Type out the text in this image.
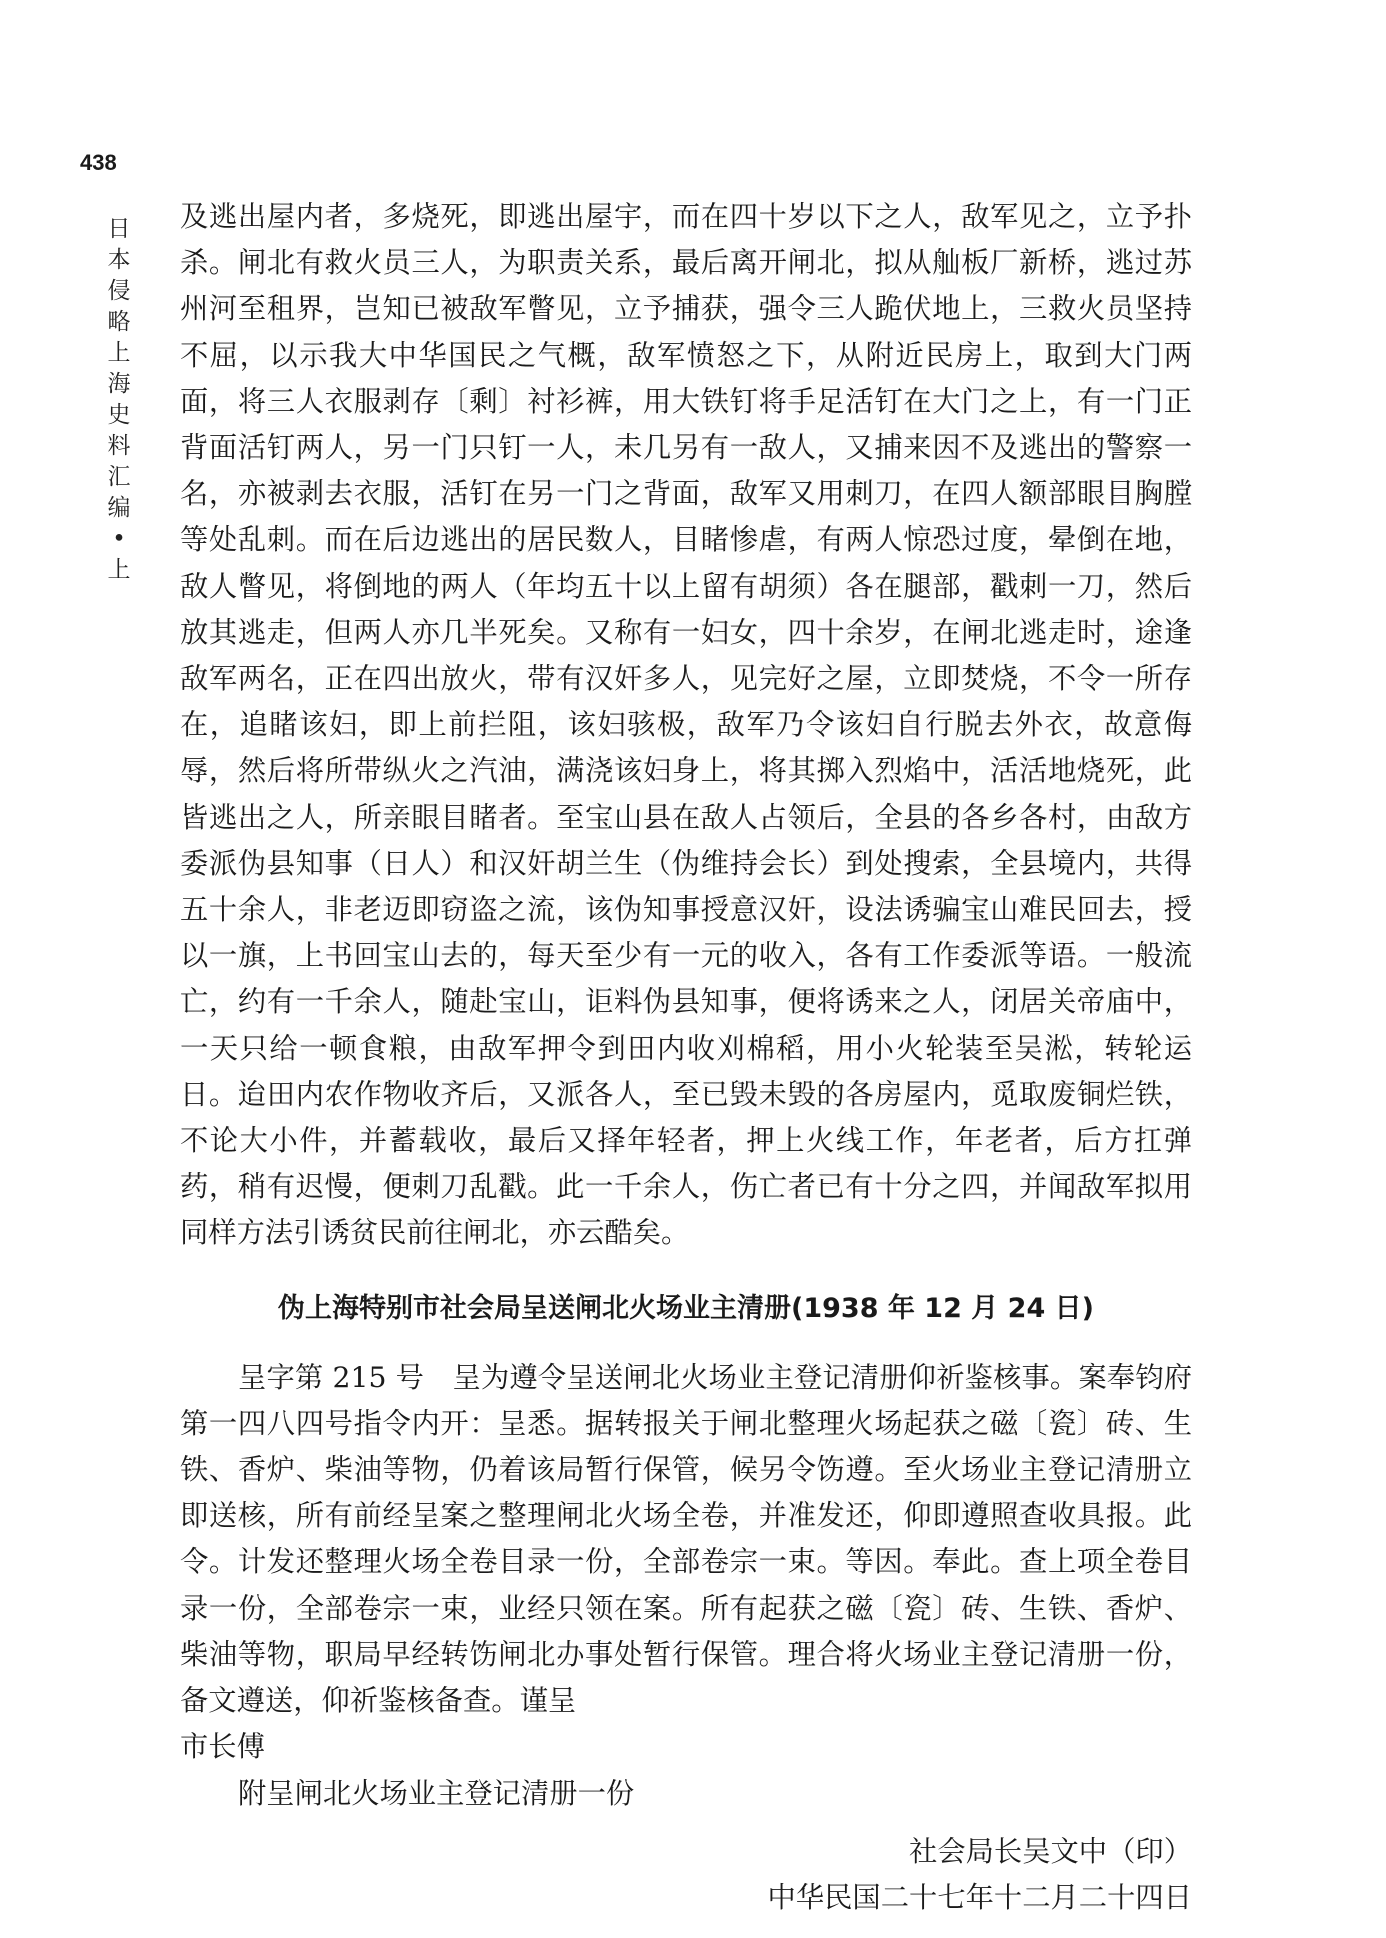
438
日本侵略上海史料汇编•上

及逃出屋内者，多烧死，即逃出屋宇，而在四十岁以下之人，敌军见之，立予扑杀。闸北有救火员三人，为职责关系，最后离开闸北，拟从舢板厂新桥，逃过苏州河至租界，岂知已被敌军瞥见，立予捕获，强令三人跪伏地上，三救火员坚持不屈，以示我大中华国民之气概，敌军愤怒之下，从附近民房上，取到大门两面，将三人衣服剥存〔剩〕衬衫裤，用大铁钉将手足活钉在大门之上，有一门正背面活钉两人，另一门只钉一人，未几另有一敌人，又捕来因不及逃出的警察一名，亦被剥去衣服，活钉在另一门之背面，敌军又用刺刀，在四人额部眼目胸膛等处乱刺。而在后边逃出的居民数人，目睹惨虐，有两人惊恐过度，晕倒在地，敌人瞥见，将倒地的两人（年均五十以上留有胡须）各在腿部，戳刺一刀，然后放其逃走，但两人亦几半死矣。又称有一妇女，四十余岁，在闸北逃走时，途逢敌军两名，正在四出放火，带有汉奸多人，见完好之屋，立即焚烧，不令一所存在，追睹该妇，即上前拦阻，该妇骇极，敌军乃令该妇自行脱去外衣，故意侮辱，然后将所带纵火之汽油，满浇该妇身上，将其掷入烈焰中，活活地烧死，此皆逃出之人，所亲眼目睹者。至宝山县在敌人占领后，全县的各乡各村，由敌方委派伪县知事（日人）和汉奸胡兰生（伪维持会长）到处搜索，全县境内，共得五十余人，非老迈即窃盗之流，该伪知事授意汉奸，设法诱骗宝山难民回去，授以一旗，上书回宝山去的，每天至少有一元的收入，各有工作委派等语。一般流亡，约有一千余人，随赴宝山，讵料伪县知事，便将诱来之人，闭居关帝庙中，一天只给一顿食粮，由敌军押令到田内收刈棉稻，用小火轮装至吴淞，转轮运日。迨田内农作物收齐后，又派各人，至已毁未毁的各房屋内，觅取废铜烂铁，不论大小件，并蓄载收，最后又择年轻者，押上火线工作，年老者，后方扛弹药，稍有迟慢，便刺刀乱戳。此一千余人，伤亡者已有十分之四，并闻敌军拟用同样方法引诱贫民前往闸北，亦云酷矣。

伪上海特别市社会局呈送闸北火场业主清册(1938 年 12 月 24 日)

呈字第 215 号　呈为遵令呈送闸北火场业主登记清册仰祈鉴核事。案奉钧府第一四八四号指令内开：呈悉。据转报关于闸北整理火场起获之磁〔瓷〕砖、生铁、香炉、柴油等物，仍着该局暂行保管，候另令饬遵。至火场业主登记清册立即送核，所有前经呈案之整理闸北火场全卷，并准发还，仰即遵照查收具报。此令。计发还整理火场全卷目录一份，全部卷宗一束。等因。奉此。查上项全卷目录一份，全部卷宗一束，业经只领在案。所有起获之磁〔瓷〕砖、生铁、香炉、柴油等物，职局早经转饬闸北办事处暂行保管。理合将火场业主登记清册一份，备文遵送，仰祈鉴核备查。谨呈

市长傅

附呈闸北火场业主登记清册一份

社会局长吴文中（印）

中华民国二十七年十二月二十四日
